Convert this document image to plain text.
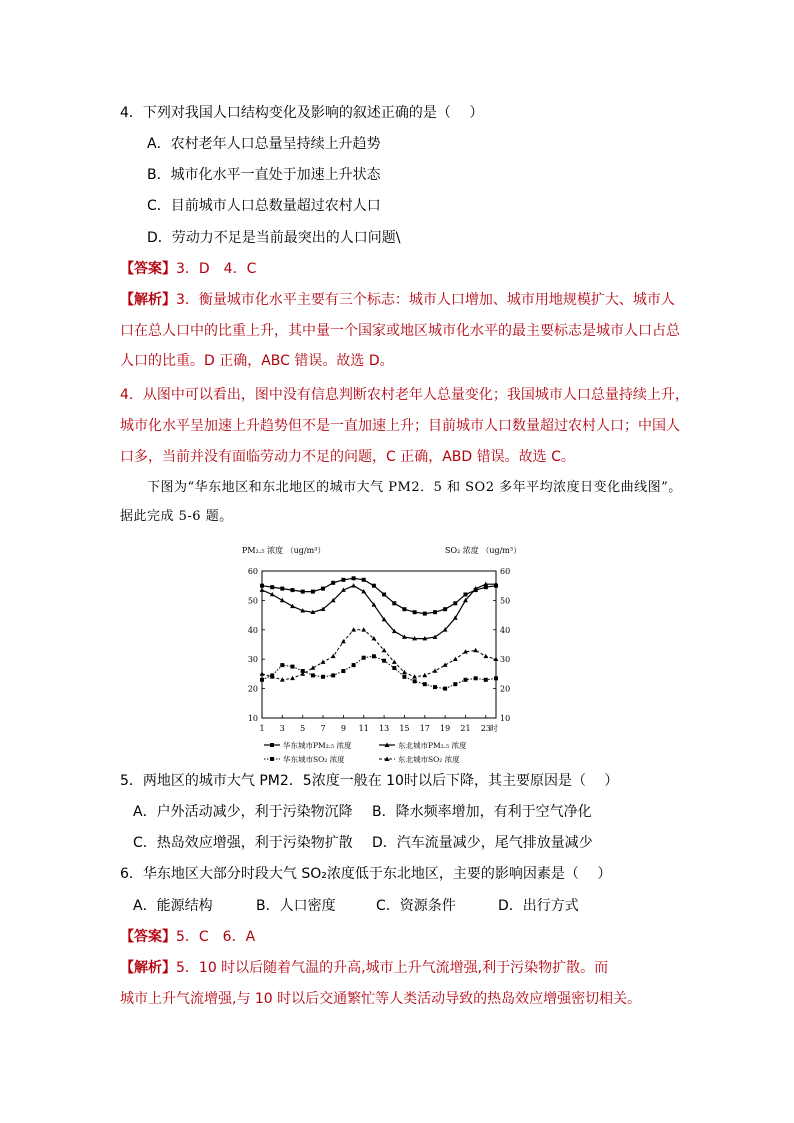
4．下列对我国人口结构变化及影响的叙述正确的是（　 ）
A．农村老年人口总量呈持续上升趋势
B．城市化水平一直处于加速上升状态
C．目前城市人口总数量超过农村人口
D．劳动力不足是当前最突出的人口问题\
【答案】3．D　4．C
【解析】3．衡量城市化水平主要有三个标志：城市人口增加、城市用地规模扩大、城市人
口在总人口中的比重上升，其中量一个国家或地区城市化水平的最主要标志是城市人口占总
人口的比重。D 正确，ABC 错误。故选 D。
4．从图中可以看出，图中没有信息判断农村老年人总量变化；我国城市人口总量持续上升，
城市化水平呈加速上升趋势但不是一直加速上升；目前城市人口数量超过农村人口；中国人
口多，当前并没有面临劳动力不足的问题，C 正确，ABD 错误。故选 C。
下图为“华东地区和东北地区的城市大气 PM2．5 和 SO2 多年平均浓度日变化曲线图”。
据此完成 5-6 题。
PM₂.₅ 浓度 （ug/m³）	SO₂ 浓度 （ug/m³）
10
20
30
40
50
60
10
20
30
40
50
60
1 3 5 7 9 11 13 15 17 19 21 23 时
华东城市PM₂.₅ 浓度	东北城市PM₂.₅ 浓度
华东城市SO₂ 浓度	东北城市SO₂ 浓度
5．两地区的城市大气 PM2．5浓度一般在 10时以后下降，其主要原因是（　 ）
A．户外活动减少，利于污染物沉降 B．降水频率增加，有利于空气净化
C．热岛效应增强，利于污染物扩散 D．汽车流量减少，尾气排放量减少
6．华东地区大部分时段大气 SO₂浓度低于东北地区，主要的影响因素是（　 ）
A．能源结构	B．人口密度	C．资源条件	D．出行方式
【答案】5．C　6．A
【解析】5．10 时以后随着气温的升高,城市上升气流增强,利于污染物扩散。而
城市上升气流增强,与 10 时以后交通繁忙等人类活动导致的热岛效应增强密切相关。
